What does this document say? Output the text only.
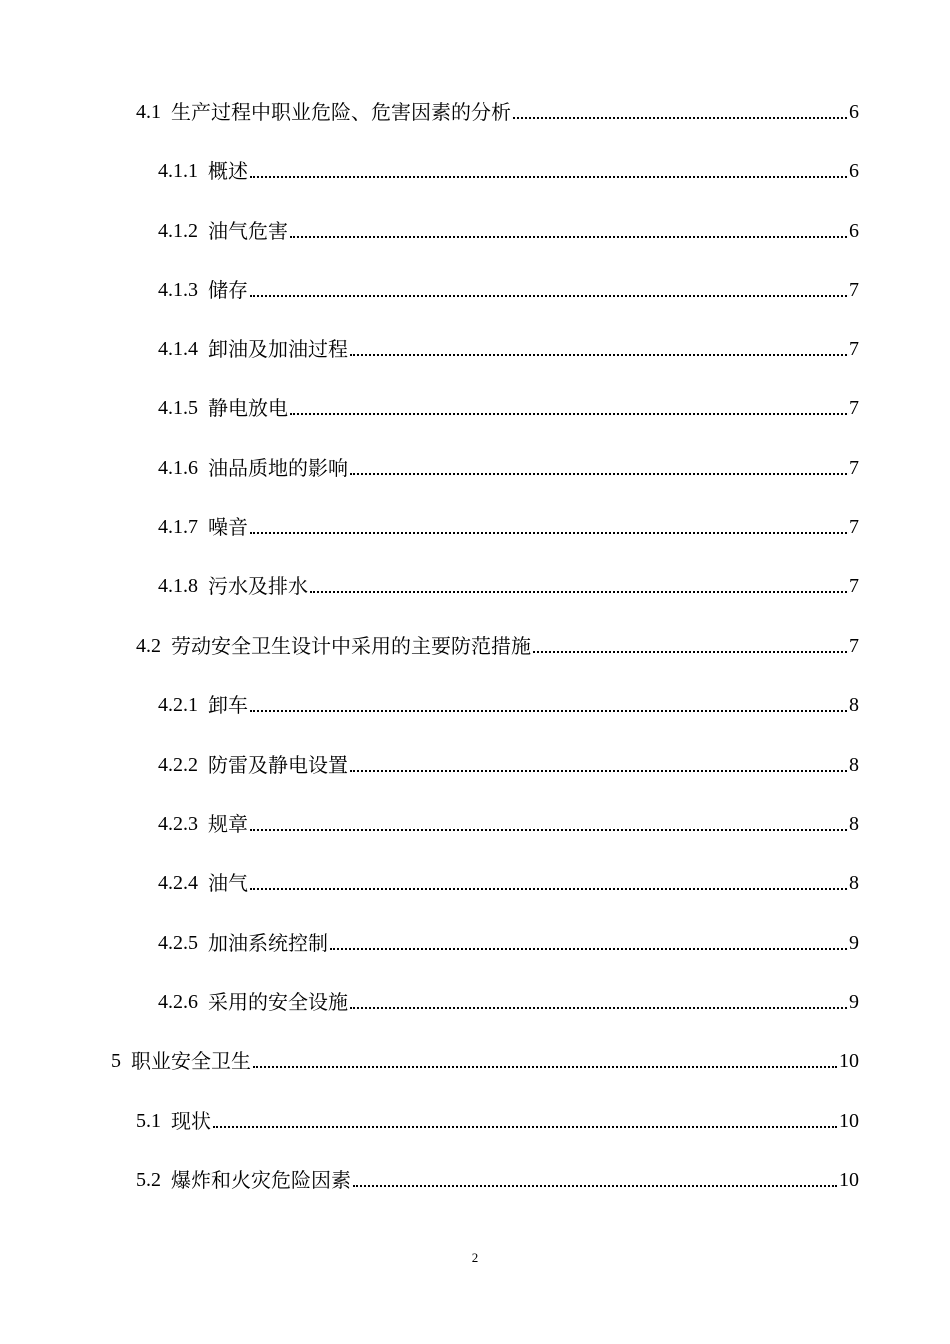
4.1 生产过程中职业危险、危害因素的分析	6
4.1.1 概述	6
4.1.2 油气危害	6
4.1.3 储存	7
4.1.4 卸油及加油过程	7
4.1.5 静电放电	7
4.1.6 油品质地的影响	7
4.1.7 噪音	7
4.1.8 污水及排水	7
4.2 劳动安全卫生设计中采用的主要防范措施	7
4.2.1 卸车	8
4.2.2 防雷及静电设置	8
4.2.3 规章	8
4.2.4 油气	8
4.2.5 加油系统控制	9
4.2.6 采用的安全设施	9
5 职业安全卫生	10
5.1 现状	10
5.2 爆炸和火灾危险因素	10
2
